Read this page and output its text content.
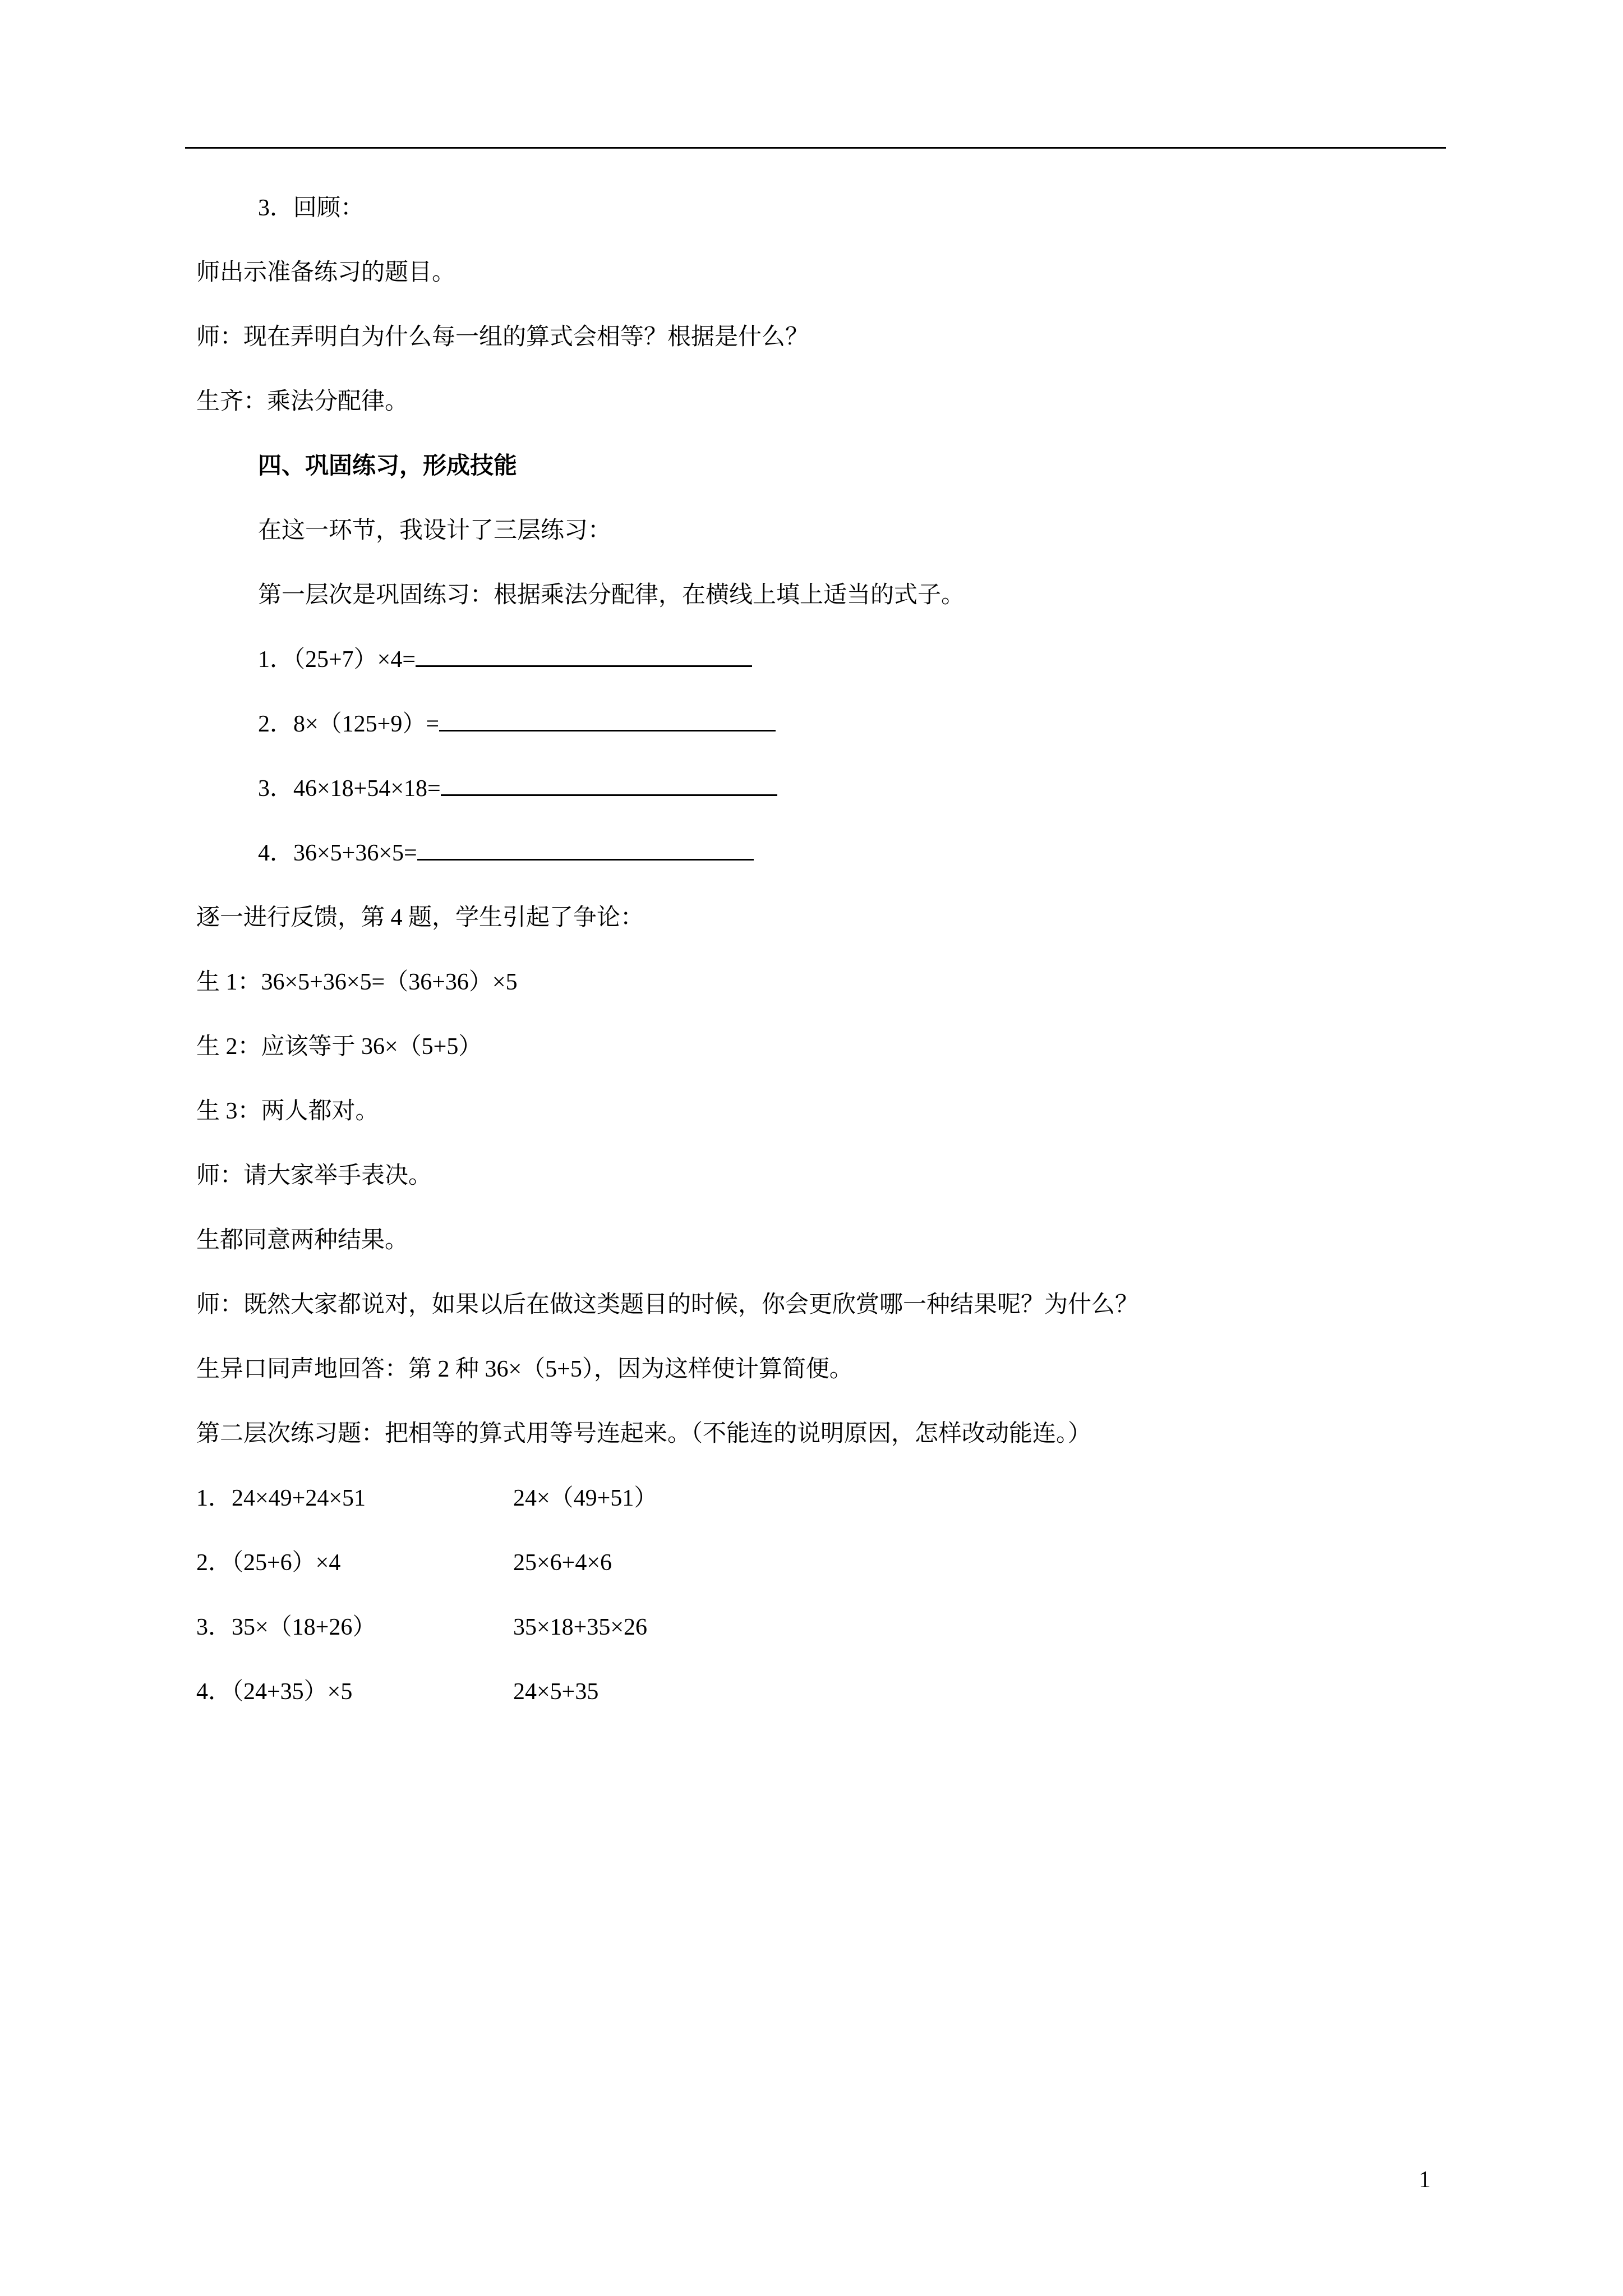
3．回顾：
师出示准备练习的题目。
师：现在弄明白为什么每一组的算式会相等？根据是什么？
生齐：乘法分配律。
四、巩固练习，形成技能
在这一环节，我设计了三层练习：
第一层次是巩固练习：根据乘法分配律，在横线上填上适当的式子。
1．（25+7）×4=
2．8×（125+9）=
3．46×18+54×18=
4．36×5+36×5=
逐一进行反馈，第 4 题，学生引起了争论：
生 1：36×5+36×5=（36+36）×5
生 2：应该等于 36×（5+5）
生 3：两人都对。
师：请大家举手表决。
生都同意两种结果。
师：既然大家都说对，如果以后在做这类题目的时候，你会更欣赏哪一种结果呢？为什么？
生异口同声地回答：第 2 种 36×（5+5），因为这样使计算简便。
第二层次练习题：把相等的算式用等号连起来。（不能连的说明原因，怎样改动能连。）
1．24×49+24×51	24×（49+51）
2．（25+6）×4	25×6+4×6
3．35×（18+26）	35×18+35×26
4．（24+35）×5	24×5+35
1
